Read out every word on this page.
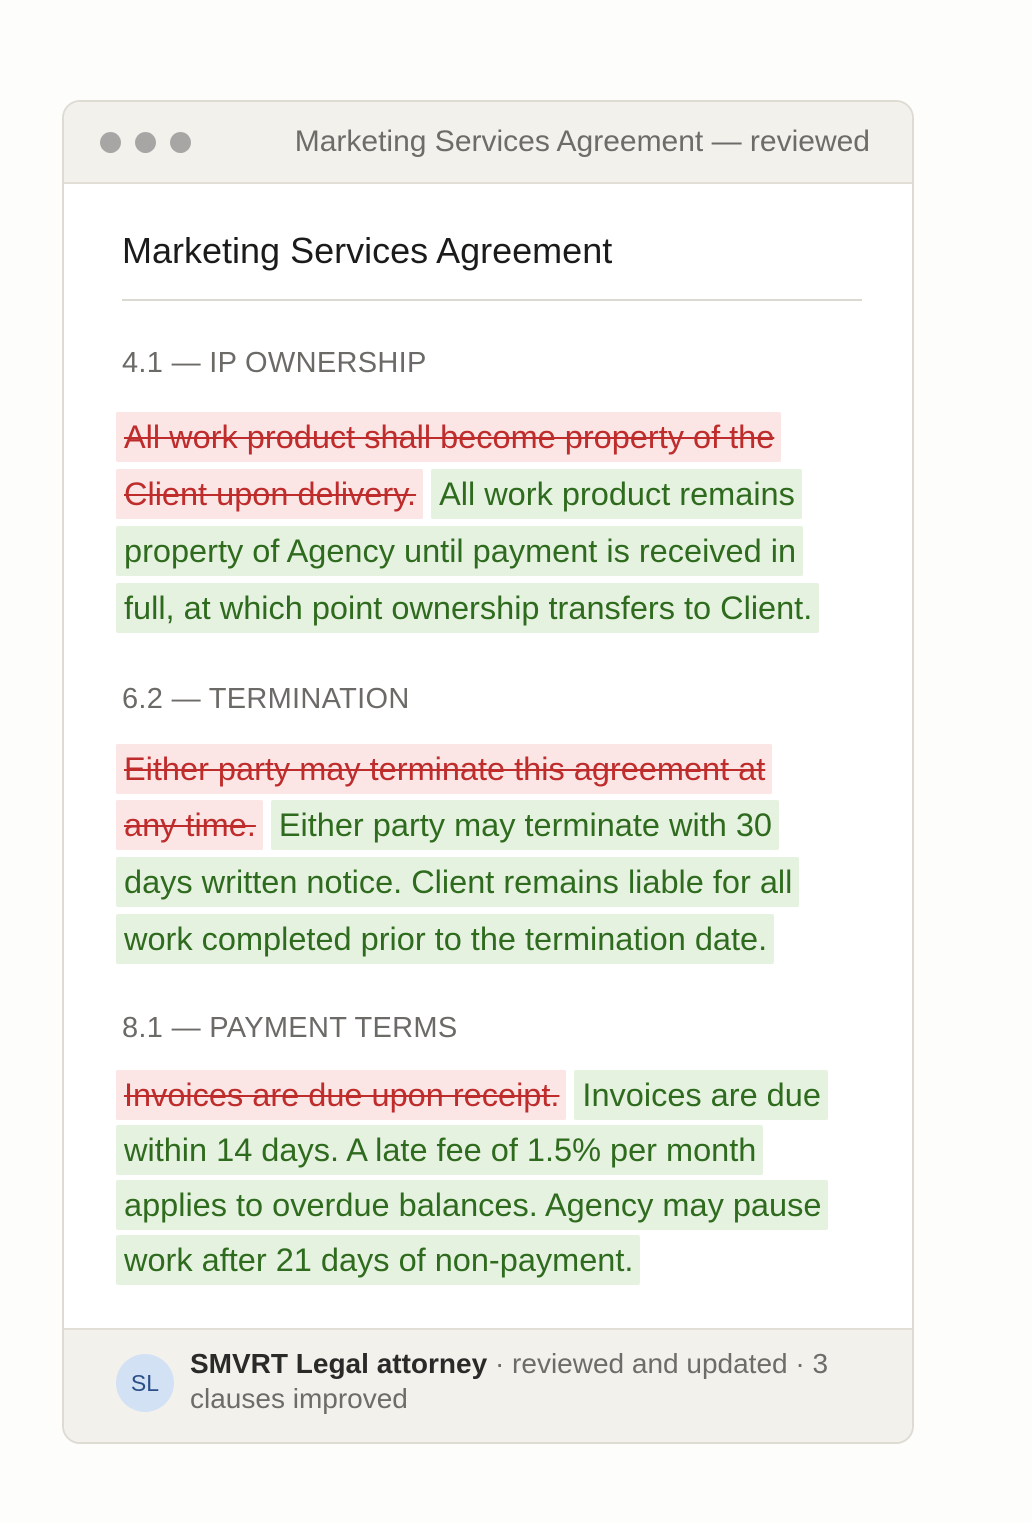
Marketing Services Agreement — reviewed
Marketing Services Agreement
4.1 — IP OWNERSHIP
All work product shall become property of the
Client upon delivery. All work product remains
property of Agency until payment is received in
full, at which point ownership transfers to Client.
6.2 — TERMINATION
Either party may terminate this agreement at
any time. Either party may terminate with 30
days written notice. Client remains liable for all
work completed prior to the termination date.
8.1 — PAYMENT TERMS
Invoices are due upon receipt. Invoices are due
within 14 days. A late fee of 1.5% per month
applies to overdue balances. Agency may pause
work after 21 days of non-payment.
SL
SMVRT Legal attorney · reviewed and updated · 3 clauses improved
